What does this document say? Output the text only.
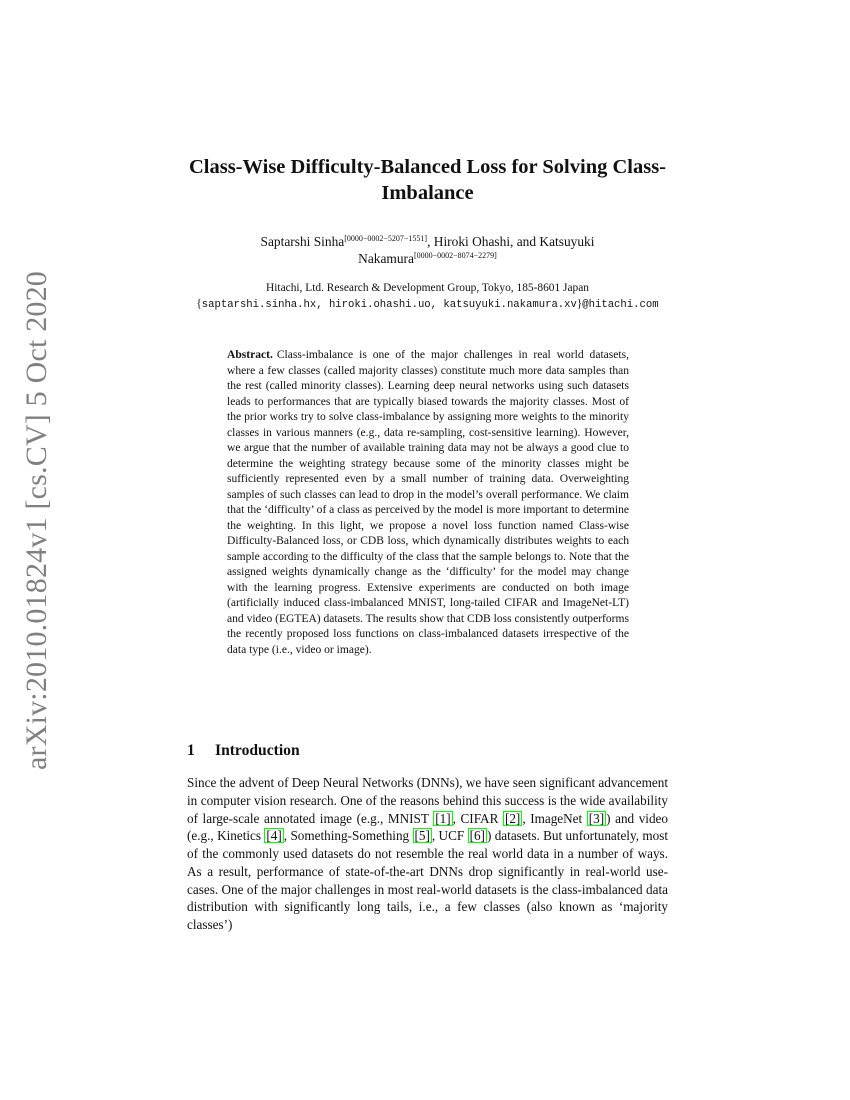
arXiv:2010.01824v1 [cs.CV] 5 Oct 2020
Class-Wise Difficulty-Balanced Loss for Solving Class-Imbalance
Saptarshi Sinha[0000−0002−5207−1551], Hiroki Ohashi, and Katsuyuki
Nakamura[0000−0002−8074−2279]
Hitachi, Ltd. Research & Development Group, Tokyo, 185-8601 Japan
{saptarshi.sinha.hx, hiroki.ohashi.uo, katsuyuki.nakamura.xv}@hitachi.com
Abstract. Class-imbalance is one of the major challenges in real world datasets, where a few classes (called majority classes) constitute much more data samples than the rest (called minority classes). Learning deep neural networks using such datasets leads to performances that are typically biased towards the majority classes. Most of the prior works try to solve class-imbalance by assigning more weights to the minority classes in various manners (e.g., data re-sampling, cost-sensitive learning). However, we argue that the number of available training data may not be always a good clue to determine the weighting strategy because some of the minority classes might be sufficiently represented even by a small number of training data. Overweighting samples of such classes can lead to drop in the model’s overall performance. We claim that the ‘difficulty’ of a class as perceived by the model is more important to determine the weighting. In this light, we propose a novel loss function named Class-wise Difficulty-Balanced loss, or CDB loss, which dynamically distributes weights to each sample according to the difficulty of the class that the sample belongs to. Note that the assigned weights dynamically change as the ‘difficulty’ for the model may change with the learning progress. Extensive experiments are conducted on both image (artificially induced class-imbalanced MNIST, long-tailed CIFAR and ImageNet-LT) and video (EGTEA) datasets. The results show that CDB loss consistently outperforms the recently proposed loss functions on class-imbalanced datasets irrespective of the data type (i.e., video or image).
1 Introduction
Since the advent of Deep Neural Networks (DNNs), we have seen significant advancement in computer vision research. One of the reasons behind this success is the wide availability of large-scale annotated image (e.g., MNIST [1] , CIFAR [2] , ImageNet [3] ) and video (e.g., Kinetics [4] , Something-Something [5] , UCF [6] ) datasets. But unfortunately, most of the commonly used datasets do not resemble the real world data in a number of ways. As a result, performance of state-of-the-art DNNs drop significantly in real-world use-cases. One of the major challenges in most real-world datasets is the class-imbalanced data distribution with significantly long tails, i.e., a few classes (also known as ‘majority classes’)
